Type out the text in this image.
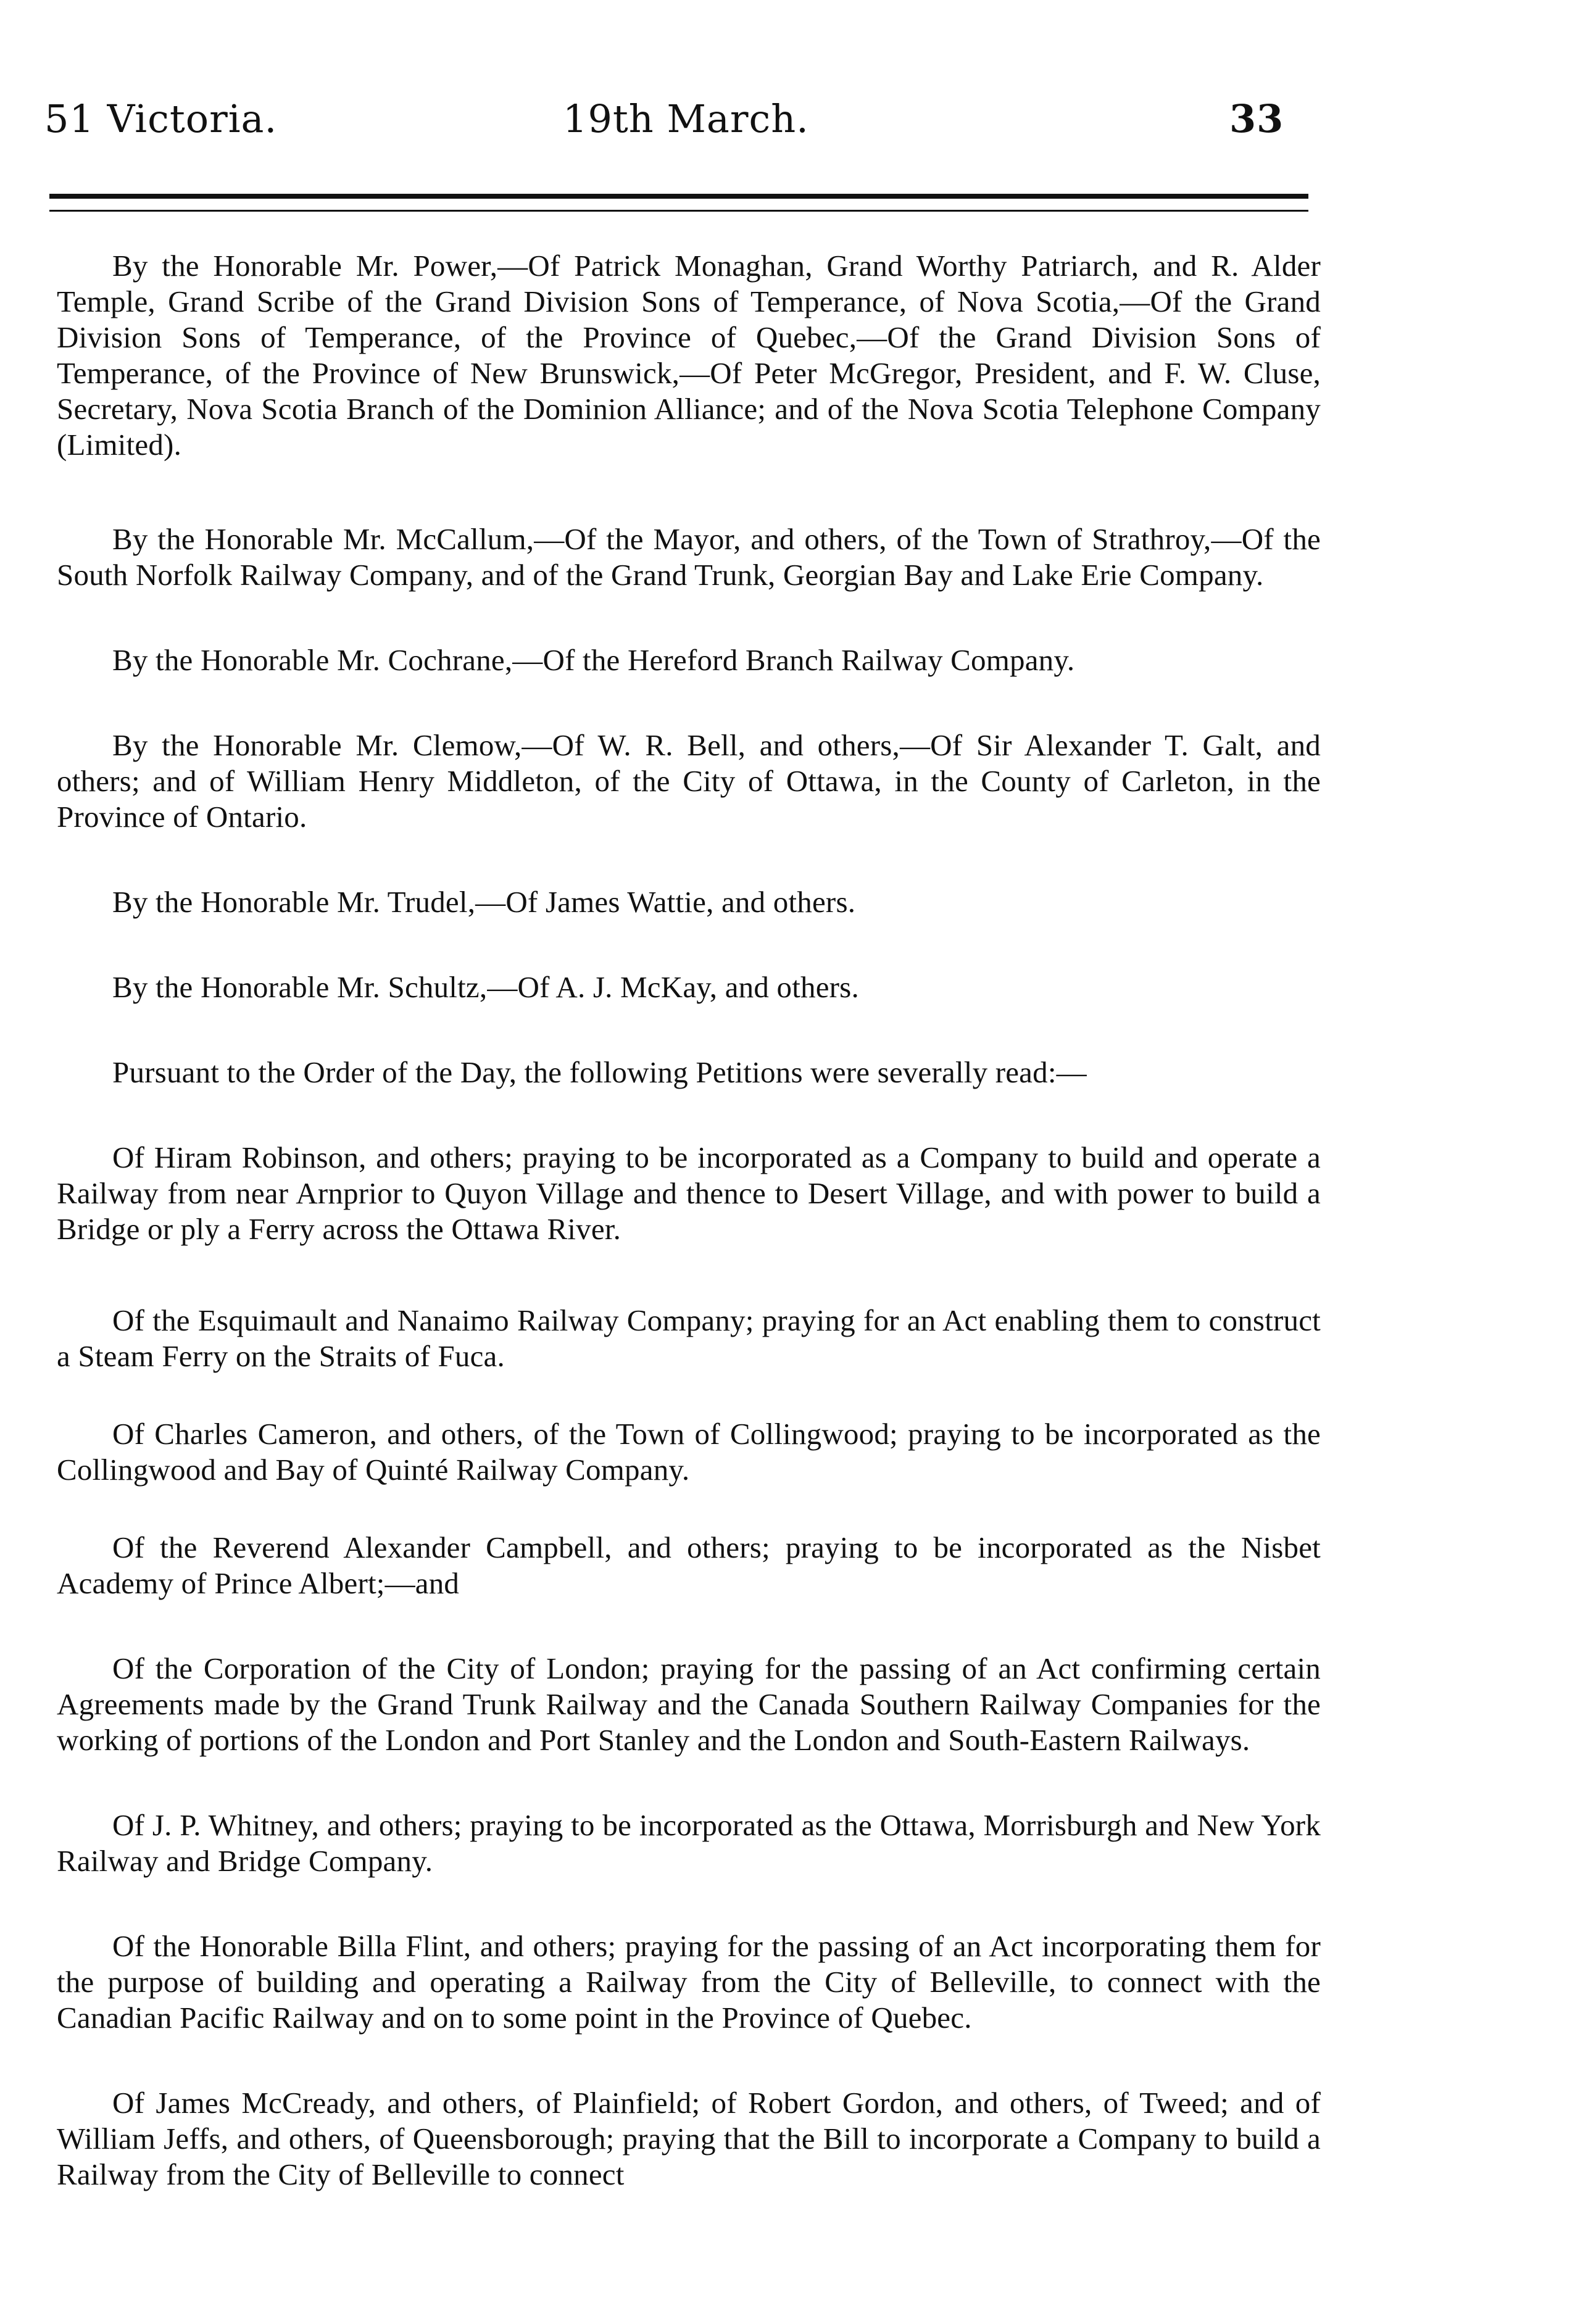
51 Victoria.	19th March.	33

By the Honorable Mr. Power,—Of Patrick Monaghan, Grand Worthy Patriarch, and R. Alder Temple, Grand Scribe of the Grand Division Sons of Temperance, of Nova Scotia,—Of the Grand Division Sons of Temperance, of the Province of Quebec,—Of the Grand Division Sons of Temperance, of the Province of New Brunswick,—Of Peter McGregor, President, and F. W. Cluse, Secretary, Nova Scotia Branch of the Dominion Alliance; and of the Nova Scotia Telephone Company (Limited).

By the Honorable Mr. McCallum,—Of the Mayor, and others, of the Town of Strathroy,—Of the South Norfolk Railway Company, and of the Grand Trunk, Georgian Bay and Lake Erie Company.

By the Honorable Mr. Cochrane,—Of the Hereford Branch Railway Company.

By the Honorable Mr. Clemow,—Of W. R. Bell, and others,—Of Sir Alexander T. Galt, and others; and of William Henry Middleton, of the City of Ottawa, in the County of Carleton, in the Province of Ontario.

By the Honorable Mr. Trudel,—Of James Wattie, and others.

By the Honorable Mr. Schultz,—Of A. J. McKay, and others.

Pursuant to the Order of the Day, the following Petitions were severally read:—

Of Hiram Robinson, and others; praying to be incorporated as a Company to build and operate a Railway from near Arnprior to Quyon Village and thence to Desert Village, and with power to build a Bridge or ply a Ferry across the Ottawa River.

Of the Esquimault and Nanaimo Railway Company; praying for an Act enabling them to construct a Steam Ferry on the Straits of Fuca.

Of Charles Cameron, and others, of the Town of Collingwood; praying to be incorporated as the Collingwood and Bay of Quinté Railway Company.

Of the Reverend Alexander Campbell, and others; praying to be incorporated as the Nisbet Academy of Prince Albert;—and

Of the Corporation of the City of London; praying for the passing of an Act confirming certain Agreements made by the Grand Trunk Railway and the Canada Southern Railway Companies for the working of portions of the London and Port Stanley and the London and South-Eastern Railways.

Of J. P. Whitney, and others; praying to be incorporated as the Ottawa, Morrisburgh and New York Railway and Bridge Company.

Of the Honorable Billa Flint, and others; praying for the passing of an Act incorporating them for the purpose of building and operating a Railway from the City of Belleville, to connect with the Canadian Pacific Railway and on to some point in the Province of Quebec.

Of James McCready, and others, of Plainfield; of Robert Gordon, and others, of Tweed; and of William Jeffs, and others, of Queensborough; praying that the Bill to incorporate a Company to build a Railway from the City of Belleville to connect
